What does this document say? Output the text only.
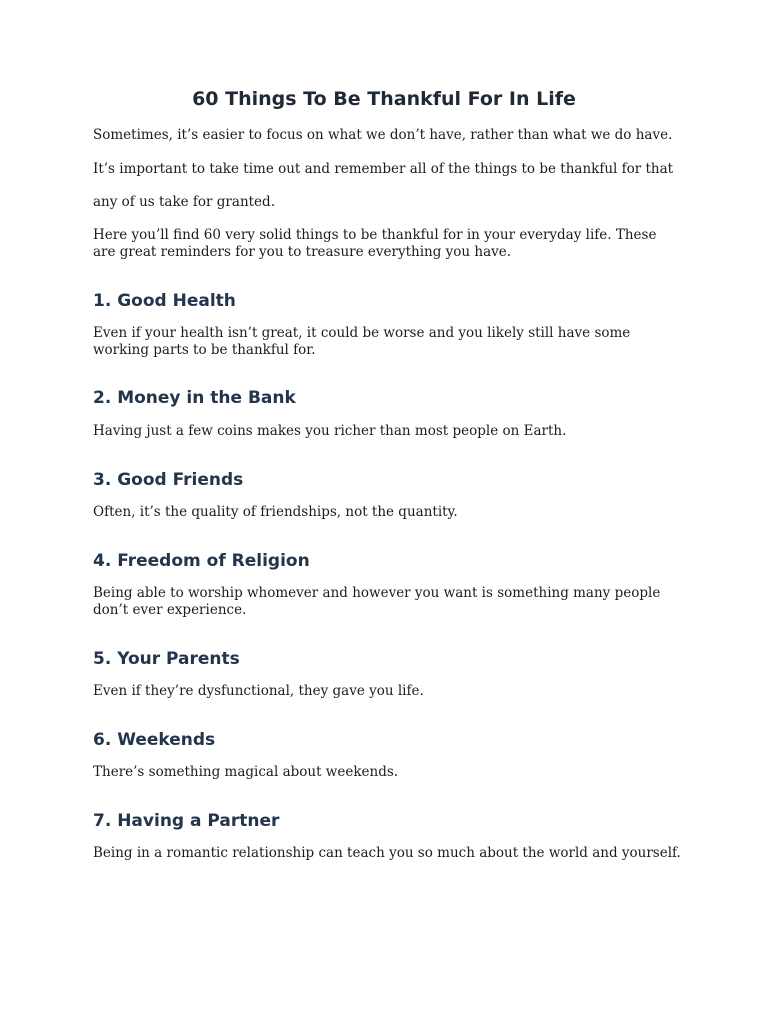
60 Things To Be Thankful For In Life

Sometimes, it’s easier to focus on what we don’t have, rather than what we do have.

It’s important to take time out and remember all of the things to be thankful for that

any of us take for granted.

Here you’ll find 60 very solid things to be thankful for in your everyday life. These are great reminders for you to treasure everything you have.

1. Good Health

Even if your health isn’t great, it could be worse and you likely still have some working parts to be thankful for.

2. Money in the Bank

Having just a few coins makes you richer than most people on Earth.

3. Good Friends

Often, it’s the quality of friendships, not the quantity.

4. Freedom of Religion

Being able to worship whomever and however you want is something many people don’t ever experience.

5. Your Parents

Even if they’re dysfunctional, they gave you life.

6. Weekends

There’s something magical about weekends.

7. Having a Partner

Being in a romantic relationship can teach you so much about the world and yourself.
